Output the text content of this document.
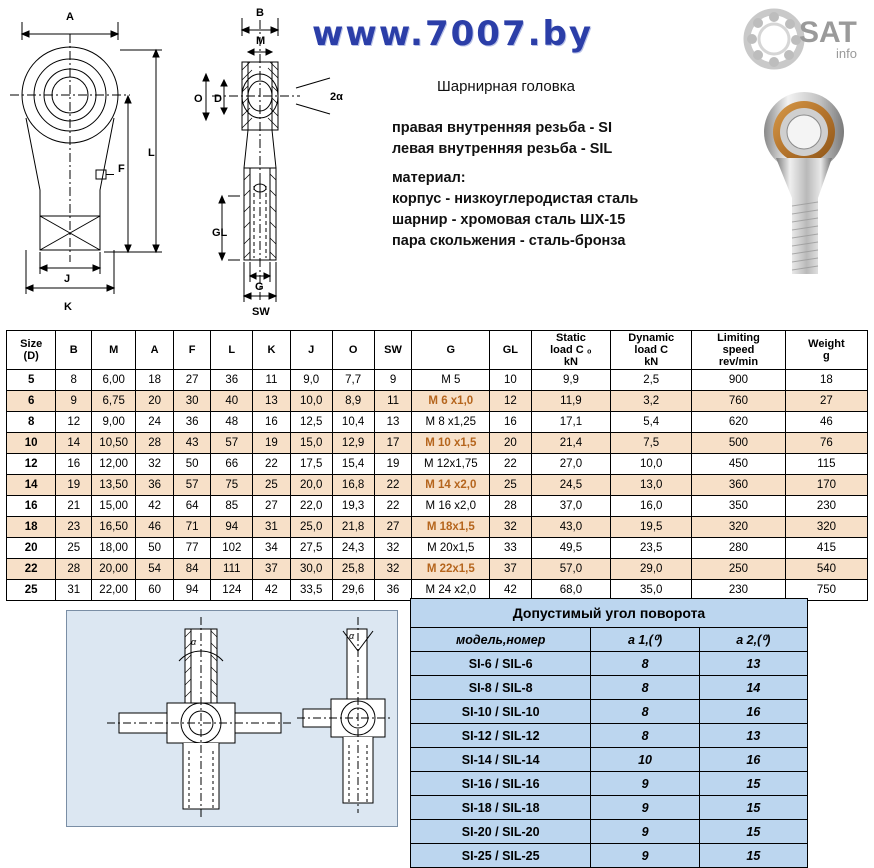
A
L
F
J
K
B
M
O D
GL
G
SW
2α
www.7007.by	SAT
info
Шарнирная головка
правая внутренняя резьба - SI
левая внутренняя резьба - SIL
материал:
корпус - низкоуглеродистая сталь
шарнир - хромовая сталь ШХ-15
пара скольжения - сталь-бронза
Size
(D)	B	M	A	F	L	K	J	O	SW	G	GL	
Static
load C ₀
kN

Dynamic
load C
kN

Limiting
speed
rev/min

Weight
g

5	8	6,00	18	27	36	11	9,0	7,7	9	M 5	10	9,9	2,5	900	18
6	9	6,75	20	30	40	13	10,0	8,9	11	M 6 x1,0	12	11,9	3,2	760	27
8	12	9,00	24	36	48	16	12,5	10,4	13	M 8 x1,25	16	17,1	5,4	620	46
10	14	10,50	28	43	57	19	15,0	12,9	17	M 10 x1,5	20	21,4	7,5	500	76
12	16	12,00	32	50	66	22	17,5	15,4	19	M 12x1,75	22	27,0	10,0	450	115
14	19	13,50	36	57	75	25	20,0	16,8	22	M 14 x2,0	25	24,5	13,0	360	170
16	21	15,00	42	64	85	27	22,0	19,3	22	M 16 x2,0	28	37,0	16,0	350	230
18	23	16,50	46	71	94	31	25,0	21,8	27	M 18x1,5	32	43,0	19,5	320	320
20	25	18,00	50	77	102	34	27,5	24,3	32	M 20x1,5	33	49,5	23,5	280	415
22	28	20,00	54	84	111	37	30,0	25,8	32	M 22x1,5	37	57,0	29,0	250	540
25	31	22,00	60	94	124	42	33,5	29,6	36	M 24 x2,0	42	68,0	35,0	230	750
α
α
Допустимый угол поворота		
модель,номер	a 1,(⁰)	a 2,(⁰)
SI-6 / SIL-6	8	13
SI-8 / SIL-8	8	14
SI-10 / SIL-10	8	16
SI-12 / SIL-12	8	13
SI-14 / SIL-14	10	16
SI-16 / SIL-16	9	15
SI-18 / SIL-18	9	15
SI-20 / SIL-20	9	15
SI-25 / SIL-25	9	15
